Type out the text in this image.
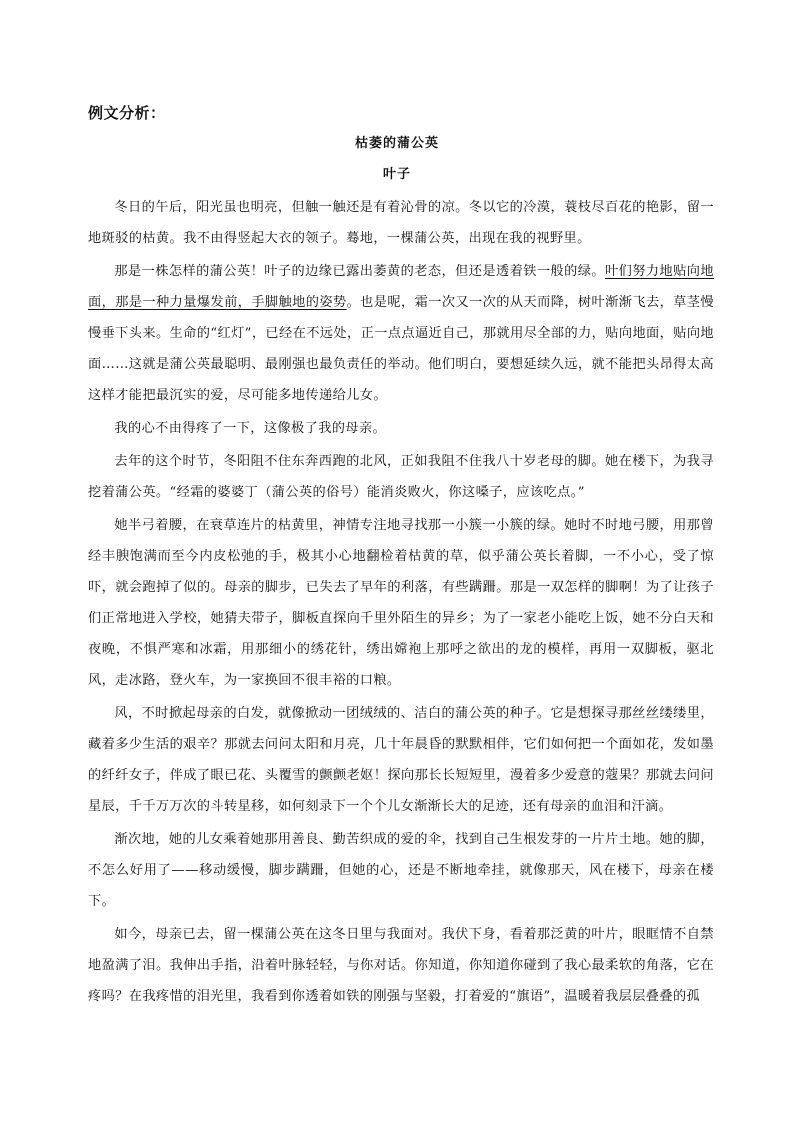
例文分析：
枯萎的蒲公英
叶子

冬日的午后，阳光虽也明亮，但触一触还是有着沁骨的凉。冬以它的冷漠，蓑枝尽百花的艳影，留一地斑驳的枯黄。我不由得竖起大衣的领子。蓦地，一棵蒲公英，出现在我的视野里。

那是一株怎样的蒲公英！叶子的边缘已露出萎黄的老态，但还是透着铁一般的绿。叶们努力地贴向地面，那是一种力量爆发前，手脚触地的姿势。也是呢，霜一次又一次的从天而降，树叶渐渐飞去，草茎慢慢垂下头来。生命的“红灯”，已经在不远处，正一点点逼近自己，那就用尽全部的力，贴向地面，贴向地面……这就是蒲公英最聪明、最刚强也最负责任的举动。他们明白，要想延续久远，就不能把头昂得太高这样才能把最沉实的爱，尽可能多地传递给儿女。

我的心不由得疼了一下，这像极了我的母亲。

去年的这个时节，冬阳阻不住东奔西跑的北风，正如我阻不住我八十岁老母的脚。她在楼下，为我寻挖着蒲公英。“经霜的婆婆丁（蒲公英的俗号）能消炎败火，你这嗓子，应该吃点。”

她半弓着腰，在衰草连片的枯黄里，神情专注地寻找那一小簇一小簇的绿。她时不时地弓腰，用那曾经丰腴饱满而至今内皮松弛的手，极其小心地翻检着枯黄的草，似乎蒲公英长着脚，一不小心，受了惊吓，就会跑掉了似的。母亲的脚步，已失去了早年的利落，有些蹒跚。那是一双怎样的脚啊！为了让孩子们正常地进入学校，她猜夫带子，脚板直探向千里外陌生的异乡；为了一家老小能吃上饭，她不分白天和夜晚，不惧严寒和冰霜，用那细小的绣花针，绣出嫦袍上那呼之欲出的龙的模样，再用一双脚板，驱北风，走冰路，登火车，为一家换回不很丰裕的口粮。

风，不时掀起母亲的白发，就像掀动一团绒绒的、洁白的蒲公英的种子。它是想探寻那丝丝缕缕里，藏着多少生活的艰辛？那就去问问太阳和月亮，几十年晨昏的默默相伴，它们如何把一个面如花，发如墨的纤纤女子，伴成了眼已花、头覆雪的颤颤老妪！探向那长长短短里，漫着多少爱意的蔻果？那就去问问星辰，千千万万次的斗转星移，如何刻录下一个个儿女渐渐长大的足迹，还有母亲的血泪和汗滴。

渐次地，她的儿女乘着她那用善良、勤苦织成的爱的伞，找到自己生根发芽的一片片土地。她的脚，不怎么好用了——移动缓慢，脚步蹒跚，但她的心，还是不断地牵挂，就像那天，风在楼下，母亲在楼下。

如今，母亲已去，留一棵蒲公英在这冬日里与我面对。我伏下身，看着那泛黄的叶片，眼眶情不自禁地盈满了泪。我伸出手指，沿着叶脉轻轻，与你对话。你知道，你知道你碰到了我心最柔软的角落，它在疼吗？在我疼惜的泪光里，我看到你透着如铁的刚强与坚毅，打着爱的“旗语”，温暖着我层层叠叠的孤
